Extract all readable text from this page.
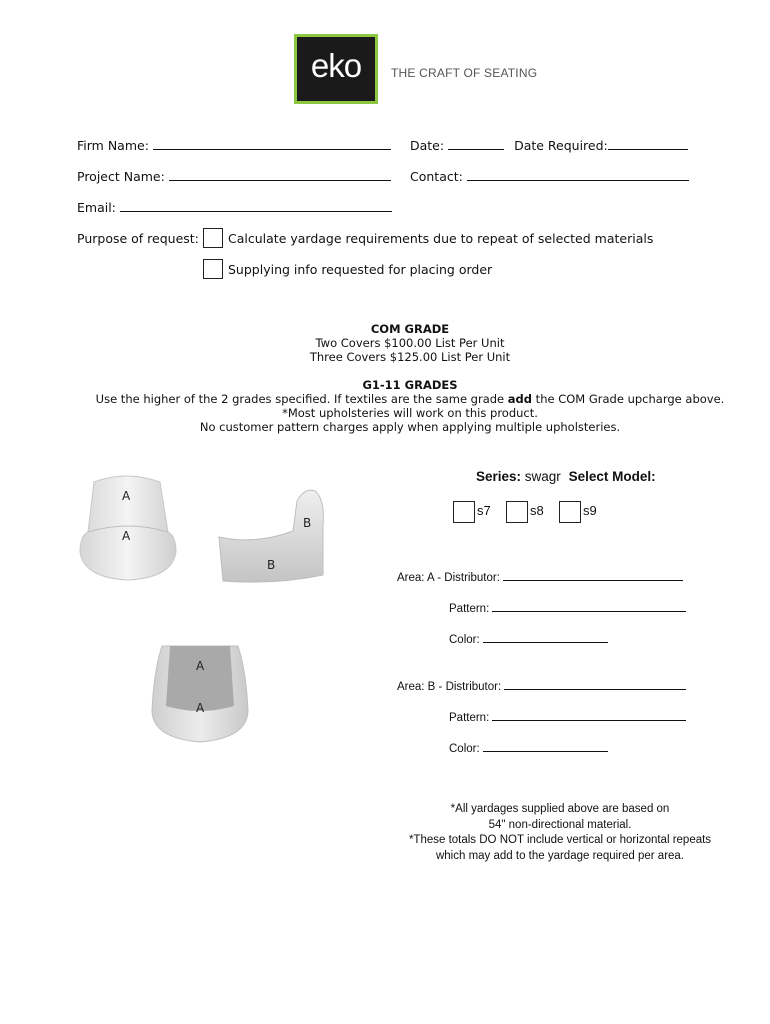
eko	THE CRAFT OF SEATING
Firm Name:	Date:	Date Required:
Project Name:	Contact:
Email:
Purpose of request: Calculate yardage requirements due to repeat of selected materials
Supplying info requested for placing order
COM GRADE
Two Covers $100.00 List Per Unit
Three Covers $125.00 List Per Unit
G1-11 GRADES
Use the higher of the 2 grades specified. If textiles are the same grade add the COM Grade upcharge above.
*Most upholsteries will work on this product.
No customer pattern charges apply when applying multiple upholsteries.
A
A
B
B
A
A
Series: swagr Select Model:
s7	s8	s9
Area: A - Distributor:
Pattern:
Color:
Area: B - Distributor:
Pattern:
Color:
*All yardages supplied above are based on
54" non-directional material.
*These totals DO NOT include vertical or horizontal repeats
which may add to the yardage required per area.
